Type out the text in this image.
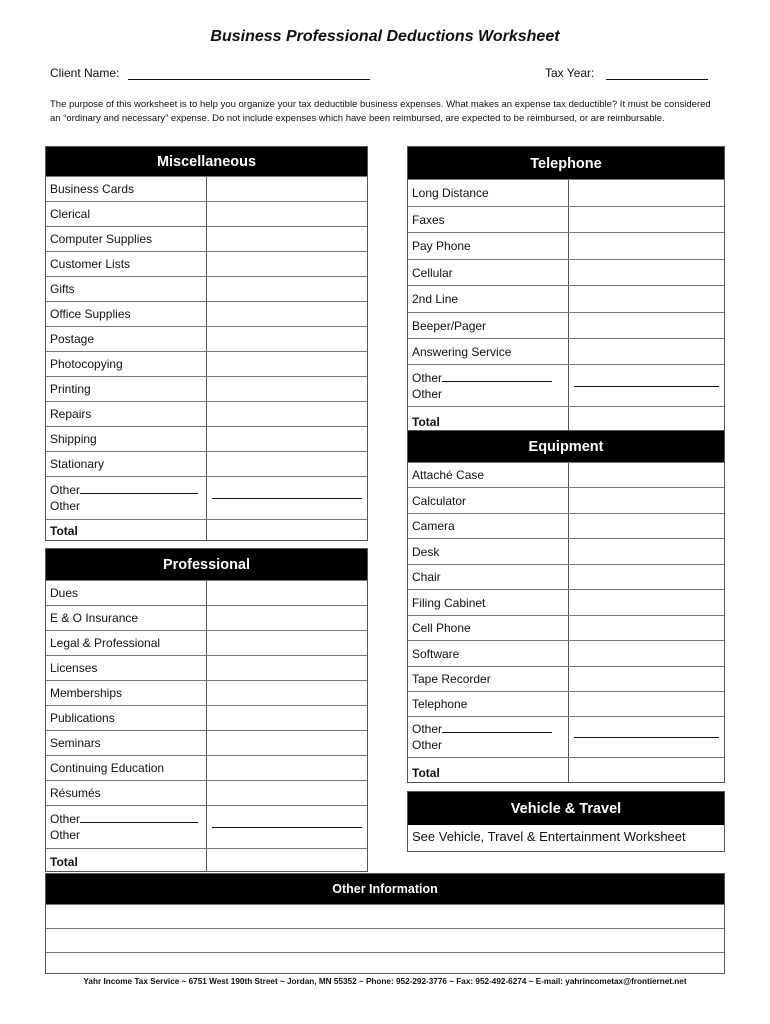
Business Professional Deductions Worksheet
Client Name:	Tax Year:
The purpose of this worksheet is to help you organize your tax deductible business expenses. What makes an expense tax deductible? It must be considered an “ordinary and necessary” expense. Do not include expenses which have been reimbursed, are expected to be reimbursed, or are reimbursable.
Miscellaneous
Business Cards
Clerical
Computer Supplies
Customer Lists
Gifts
Office Supplies
Postage
Photocopying
Printing
Repairs
Shipping
Stationary
Other
Other
Total
Professional
Dues
E & O Insurance
Legal & Professional
Licenses
Memberships
Publications
Seminars
Continuing Education
Résumés
Other
Other
Total
Telephone
Long Distance
Faxes
Pay Phone
Cellular
2nd Line
Beeper/Pager
Answering Service
Other
Other
Total
Equipment
Attaché Case
Calculator
Camera
Desk
Chair
Filing Cabinet
Cell Phone
Software
Tape Recorder
Telephone
Other
Other
Total
Vehicle & Travel
See Vehicle, Travel & Entertainment Worksheet
Other Information
Yahr Income Tax Service ~ 6751 West 190th Street ~ Jordan, MN 55352 ~ Phone: 952-292-3776 ~ Fax: 952-492-6274 ~ E-mail: yahrincometax@frontiernet.net
